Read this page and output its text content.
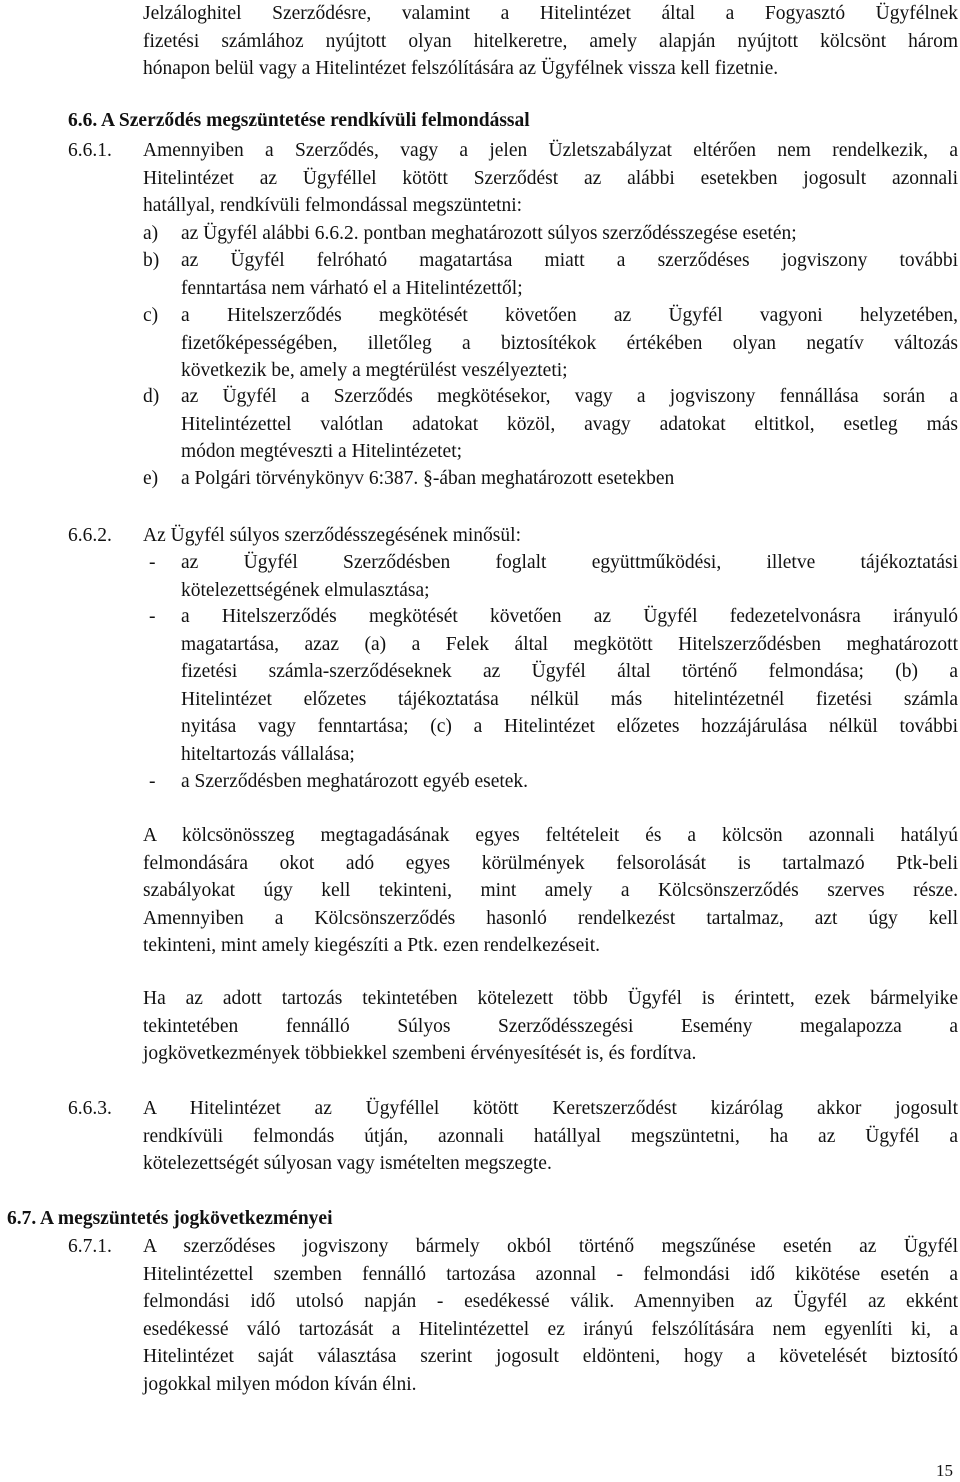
Jelzáloghitel Szerződésre, valamint a Hitelintézet által a Fogyasztó Ügyfélnek
fizetési számlához nyújtott olyan hitelkeretre, amely alapján nyújtott kölcsönt három
hónapon belül vagy a Hitelintézet felszólítására az Ügyfélnek vissza kell fizetnie.
6.6. A Szerződés megszüntetése rendkívüli felmondással
6.6.1. Amennyiben a Szerződés, vagy a jelen Üzletszabályzat eltérően nem rendelkezik, a
Hitelintézet az Ügyféllel kötött Szerződést az alábbi esetekben jogosult azonnali
hatállyal, rendkívüli felmondással megszüntetni:
a) az Ügyfél alábbi 6.6.2. pontban meghatározott súlyos szerződésszegése esetén;
b) az Ügyfél felróható magatartása miatt a szerződéses jogviszony további
fenntartása nem várható el a Hitelintézettől;
c) a Hitelszerződés megkötését követően az Ügyfél vagyoni helyzetében,
fizetőképességében, illetőleg a biztosítékok értékében olyan negatív változás
következik be, amely a megtérülést veszélyezteti;
d) az Ügyfél a Szerződés megkötésekor, vagy a jogviszony fennállása során a
Hitelintézettel valótlan adatokat közöl, avagy adatokat eltitkol, esetleg más
módon megtéveszti a Hitelintézetet;
e) a Polgári törvénykönyv 6:387. §-ában meghatározott esetekben
6.6.2. Az Ügyfél súlyos szerződésszegésének minősül:
- az Ügyfél Szerződésben foglalt együttműködési, illetve tájékoztatási
kötelezettségének elmulasztása;
- a Hitelszerződés megkötését követően az Ügyfél fedezetelvonásra irányuló
magatartása, azaz (a) a Felek által megkötött Hitelszerződésben meghatározott
fizetési számla-szerződéseknek az Ügyfél által történő felmondása; (b) a
Hitelintézet előzetes tájékoztatása nélkül más hitelintézetnél fizetési számla
nyitása vagy fenntartása; (c) a Hitelintézet előzetes hozzájárulása nélkül további
hiteltartozás vállalása;
- a Szerződésben meghatározott egyéb esetek.
A kölcsönösszeg megtagadásának egyes feltételeit és a kölcsön azonnali hatályú
felmondására okot adó egyes körülmények felsorolását is tartalmazó Ptk-beli
szabályokat úgy kell tekinteni, mint amely a Kölcsönszerződés szerves része.
Amennyiben a Kölcsönszerződés hasonló rendelkezést tartalmaz, azt úgy kell
tekinteni, mint amely kiegészíti a Ptk. ezen rendelkezéseit.
Ha az adott tartozás tekintetében kötelezett több Ügyfél is érintett, ezek bármelyike
tekintetében fennálló Súlyos Szerződésszegési Esemény megalapozza a
jogkövetkezmények többiekkel szembeni érvényesítését is, és fordítva.
6.6.3. A Hitelintézet az Ügyféllel kötött Keretszerződést kizárólag akkor jogosult
rendkívüli felmondás útján, azonnali hatállyal megszüntetni, ha az Ügyfél a
kötelezettségét súlyosan vagy ismételten megszegte.
6.7. A megszüntetés jogkövetkezményei
6.7.1. A szerződéses jogviszony bármely okból történő megszűnése esetén az Ügyfél
Hitelintézettel szemben fennálló tartozása azonnal - felmondási idő kikötése esetén a
felmondási idő utolsó napján - esedékessé válik. Amennyiben az Ügyfél az ekként
esedékessé váló tartozását a Hitelintézettel ez irányú felszólítására nem egyenlíti ki, a
Hitelintézet saját választása szerint jogosult eldönteni, hogy a követelését biztosító
jogokkal milyen módon kíván élni.
15
